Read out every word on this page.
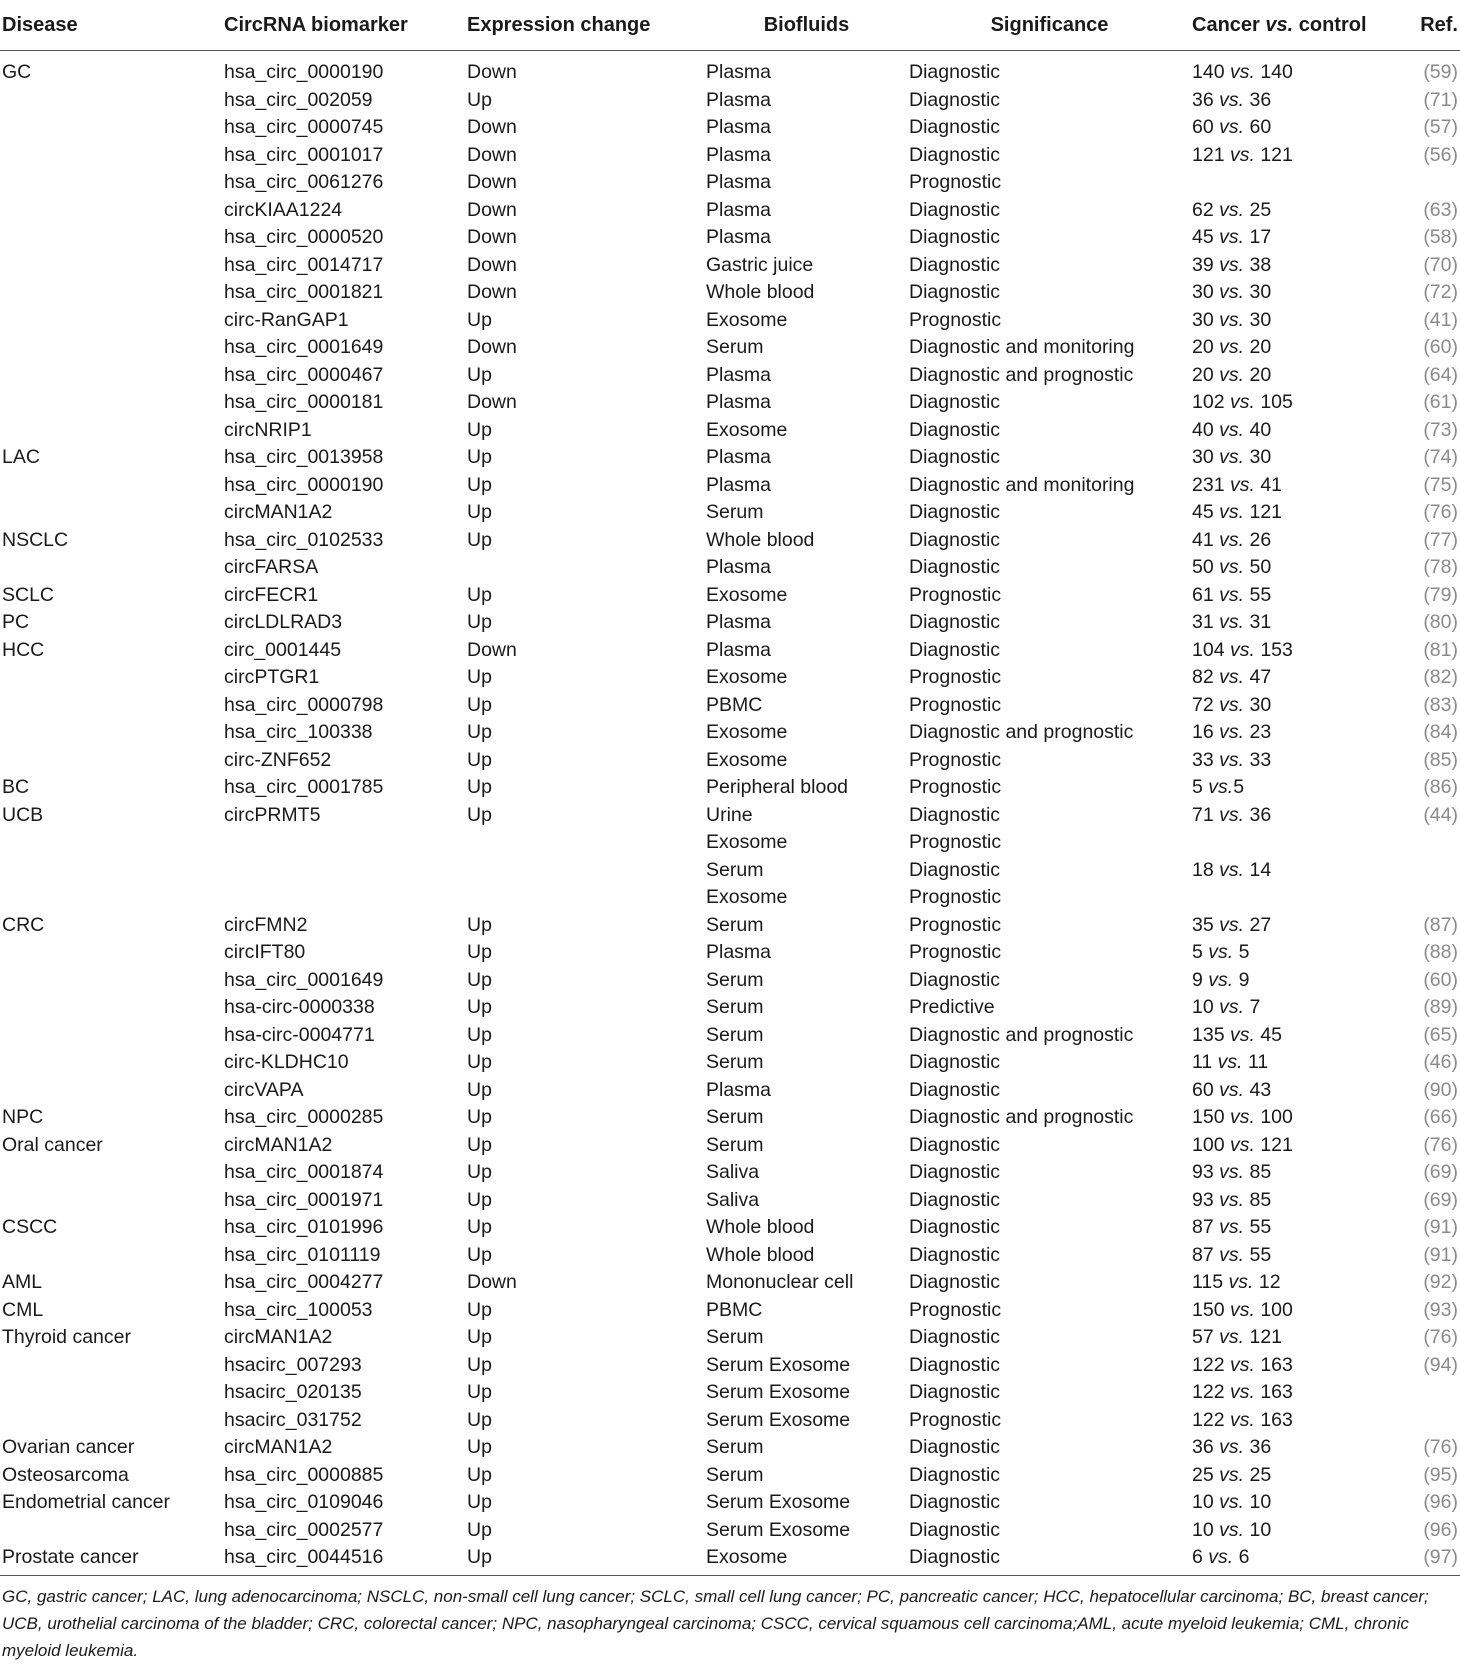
Disease	CircRNA biomarker	Expression change	Biofluids	Significance	Cancer vs. control	Ref.
GC	hsa_circ_0000190	Down	Plasma	Diagnostic	140 vs. 140	(59)
	hsa_circ_002059	Up	Plasma	Diagnostic	36 vs. 36	(71)
	hsa_circ_0000745	Down	Plasma	Diagnostic	60 vs. 60	(57)
	hsa_circ_0001017	Down	Plasma	Diagnostic	121 vs. 121	(56)
	hsa_circ_0061276	Down	Plasma	Prognostic		
	circKIAA1224	Down	Plasma	Diagnostic	62 vs. 25	(63)
	hsa_circ_0000520	Down	Plasma	Diagnostic	45 vs. 17	(58)
	hsa_circ_0014717	Down	Gastric juice	Diagnostic	39 vs. 38	(70)
	hsa_circ_0001821	Down	Whole blood	Diagnostic	30 vs. 30	(72)
	circ-RanGAP1	Up	Exosome	Prognostic	30 vs. 30	(41)
	hsa_circ_0001649	Down	Serum	Diagnostic and monitoring	20 vs. 20	(60)
	hsa_circ_0000467	Up	Plasma	Diagnostic and prognostic	20 vs. 20	(64)
	hsa_circ_0000181	Down	Plasma	Diagnostic	102 vs. 105	(61)
	circNRIP1	Up	Exosome	Diagnostic	40 vs. 40	(73)
LAC	hsa_circ_0013958	Up	Plasma	Diagnostic	30 vs. 30	(74)
	hsa_circ_0000190	Up	Plasma	Diagnostic and monitoring	231 vs. 41	(75)
	circMAN1A2	Up	Serum	Diagnostic	45 vs. 121	(76)
NSCLC	hsa_circ_0102533	Up	Whole blood	Diagnostic	41 vs. 26	(77)
	circFARSA		Plasma	Diagnostic	50 vs. 50	(78)
SCLC	circFECR1	Up	Exosome	Prognostic	61 vs. 55	(79)
PC	circLDLRAD3	Up	Plasma	Diagnostic	31 vs. 31	(80)
HCC	circ_0001445	Down	Plasma	Diagnostic	104 vs. 153	(81)
	circPTGR1	Up	Exosome	Prognostic	82 vs. 47	(82)
	hsa_circ_0000798	Up	PBMC	Prognostic	72 vs. 30	(83)
	hsa_circ_100338	Up	Exosome	Diagnostic and prognostic	16 vs. 23	(84)
	circ-ZNF652	Up	Exosome	Prognostic	33 vs. 33	(85)
BC	hsa_circ_0001785	Up	Peripheral blood	Prognostic	5 vs.5	(86)
UCB	circPRMT5	Up	Urine	Diagnostic	71 vs. 36	(44)
			Exosome	Prognostic		
			Serum	Diagnostic	18 vs. 14	
			Exosome	Prognostic		
CRC	circFMN2	Up	Serum	Prognostic	35 vs. 27	(87)
	circIFT80	Up	Plasma	Prognostic	5 vs. 5	(88)
	hsa_circ_0001649	Up	Serum	Diagnostic	9 vs. 9	(60)
	hsa-circ-0000338	Up	Serum	Predictive	10 vs. 7	(89)
	hsa-circ-0004771	Up	Serum	Diagnostic and prognostic	135 vs. 45	(65)
	circ-KLDHC10	Up	Serum	Diagnostic	11 vs. 11	(46)
	circVAPA	Up	Plasma	Diagnostic	60 vs. 43	(90)
NPC	hsa_circ_0000285	Up	Serum	Diagnostic and prognostic	150 vs. 100	(66)
Oral cancer	circMAN1A2	Up	Serum	Diagnostic	100 vs. 121	(76)
	hsa_circ_0001874	Up	Saliva	Diagnostic	93 vs. 85	(69)
	hsa_circ_0001971	Up	Saliva	Diagnostic	93 vs. 85	(69)
CSCC	hsa_circ_0101996	Up	Whole blood	Diagnostic	87 vs. 55	(91)
	hsa_circ_0101119	Up	Whole blood	Diagnostic	87 vs. 55	(91)
AML	hsa_circ_0004277	Down	Mononuclear cell	Diagnostic	115 vs. 12	(92)
CML	hsa_circ_100053	Up	PBMC	Prognostic	150 vs. 100	(93)
Thyroid cancer	circMAN1A2	Up	Serum	Diagnostic	57 vs. 121	(76)
	hsacirc_007293	Up	Serum Exosome	Diagnostic	122 vs. 163	(94)
	hsacirc_020135	Up	Serum Exosome	Diagnostic	122 vs. 163	
	hsacirc_031752	Up	Serum Exosome	Prognostic	122 vs. 163	
Ovarian cancer	circMAN1A2	Up	Serum	Diagnostic	36 vs. 36	(76)
Osteosarcoma	hsa_circ_0000885	Up	Serum	Diagnostic	25 vs. 25	(95)
Endometrial cancer	hsa_circ_0109046	Up	Serum Exosome	Diagnostic	10 vs. 10	(96)
	hsa_circ_0002577	Up	Serum Exosome	Diagnostic	10 vs. 10	(96)
Prostate cancer	hsa_circ_0044516	Up	Exosome	Diagnostic	6 vs. 6	(97)
GC, gastric cancer; LAC, lung adenocarcinoma; NSCLC, non-small cell lung cancer; SCLC, small cell lung cancer; PC, pancreatic cancer; HCC, hepatocellular carcinoma; BC, breast cancer; UCB, urothelial carcinoma of the bladder; CRC, colorectal cancer; NPC, nasopharyngeal carcinoma; CSCC, cervical squamous cell carcinoma;AML, acute myeloid leukemia; CML, chronic myeloid leukemia.
